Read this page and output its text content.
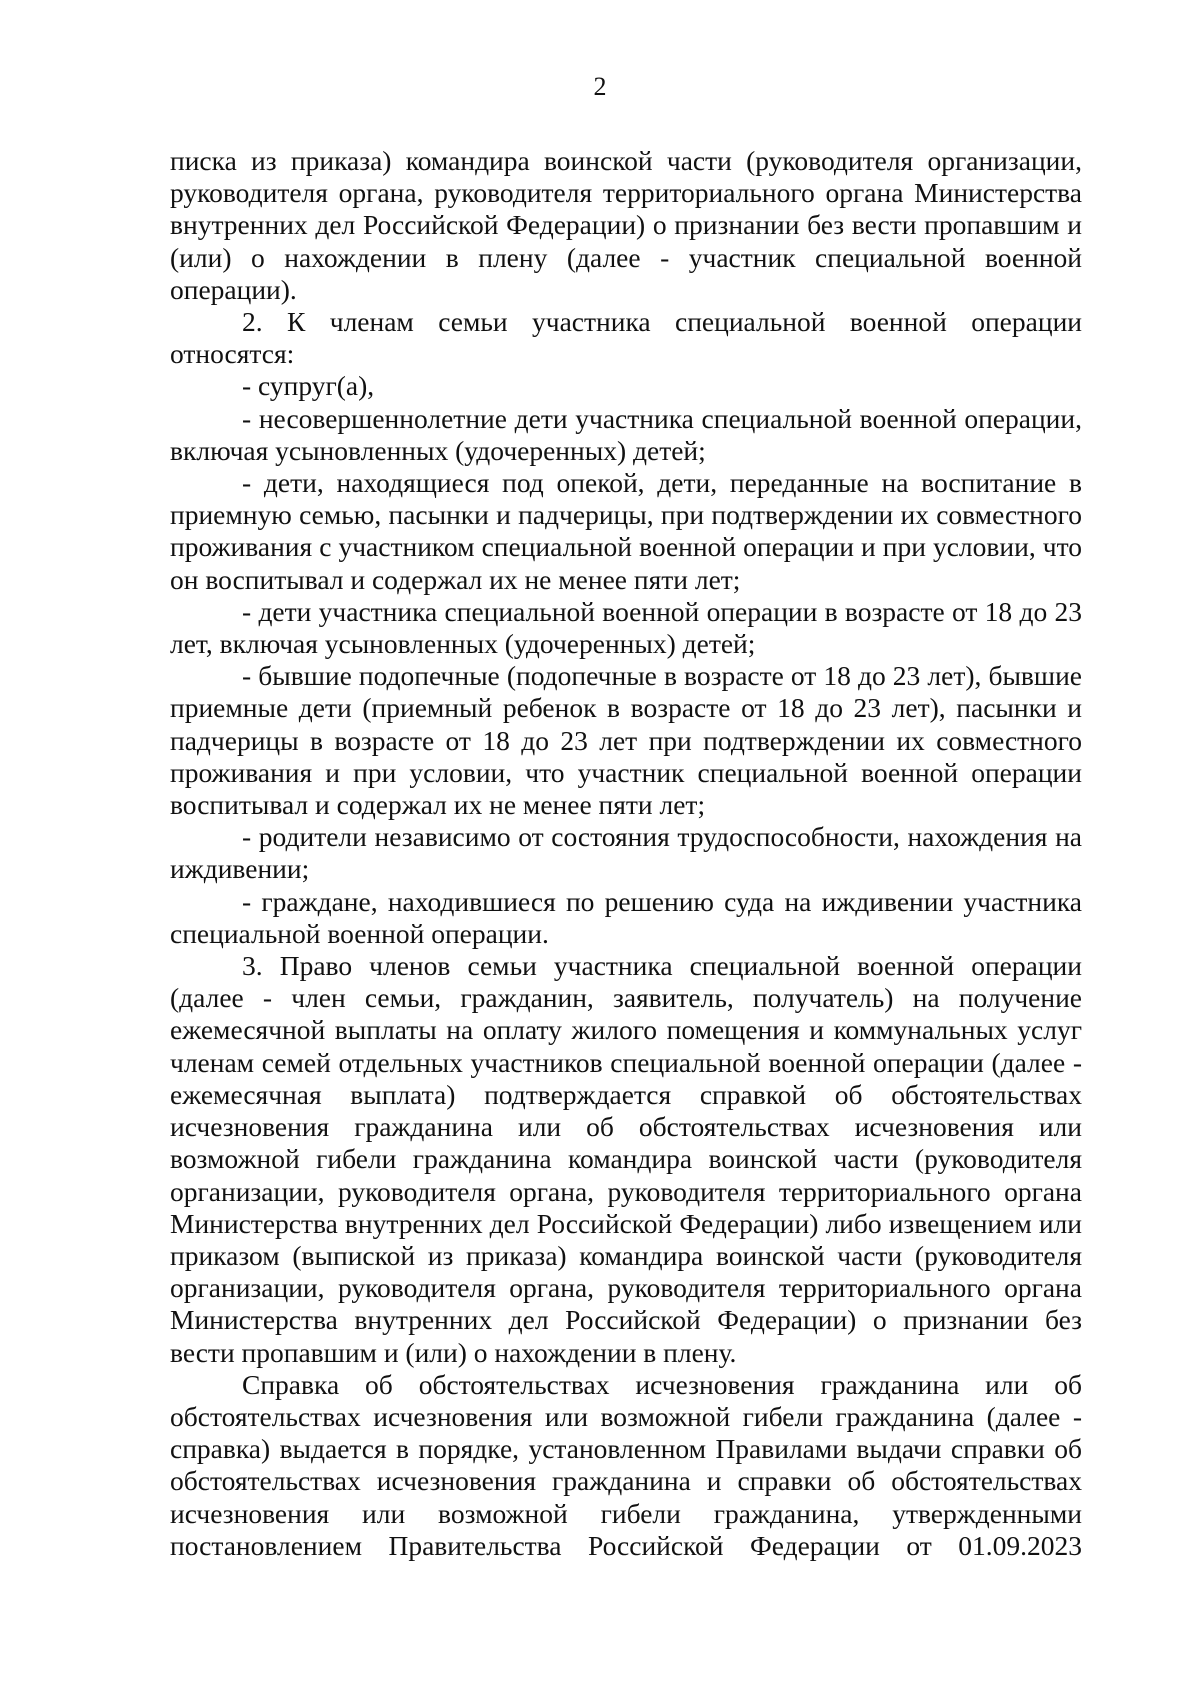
2

писка из приказа) командира воинской части (руководителя организации, руководителя органа, руководителя территориального органа Министерства внутренних дел Российской Федерации) о признании без вести пропавшим и (или) о нахождении в плену (далее - участник специальной военной операции).

2. К членам семьи участника специальной военной операции относятся:

- супруг(а),

- несовершеннолетние дети участника специальной военной операции, включая усыновленных (удочеренных) детей;

- дети, находящиеся под опекой, дети, переданные на воспитание в приемную семью, пасынки и падчерицы, при подтверждении их совместного проживания с участником специальной военной операции и при условии, что он воспитывал и содержал их не менее пяти лет;

- дети участника специальной военной операции в возрасте от 18 до 23 лет, включая усыновленных (удочеренных) детей;

- бывшие подопечные (подопечные в возрасте от 18 до 23 лет), бывшие приемные дети (приемный ребенок в возрасте от 18 до 23 лет), пасынки и падчерицы в возрасте от 18 до 23 лет при подтверждении их совместного проживания и при условии, что участник специальной военной операции воспитывал и содержал их не менее пяти лет;

- родители независимо от состояния трудоспособности, нахождения на иждивении;

- граждане, находившиеся по решению суда на иждивении участника специальной военной операции.

3. Право членов семьи участника специальной военной операции (далее - член семьи, гражданин, заявитель, получатель) на получение ежемесячной выплаты на оплату жилого помещения и коммунальных услуг членам семей отдельных участников специальной военной операции (далее - ежемесячная выплата) подтверждается справкой об обстоятельствах исчезновения гражданина или об обстоятельствах исчезновения или возможной гибели гражданина командира воинской части (руководителя организации, руководителя органа, руководителя территориального органа Министерства внутренних дел Российской Федерации) либо извещением или приказом (выпиской из приказа) командира воинской части (руководителя организации, руководителя органа, руководителя территориального органа Министерства внутренних дел Российской Федерации) о признании без вести пропавшим и (или) о нахождении в плену.

Справка об обстоятельствах исчезновения гражданина или об обстоятельствах исчезновения или возможной гибели гражданина (далее - справка) выдается в порядке, установленном Правилами выдачи справки об обстоятельствах исчезновения гражданина и справки об обстоятельствах исчезновения или возможной гибели гражданина, утвержденными постановлением Правительства Российской Федерации от 01.09.2023
